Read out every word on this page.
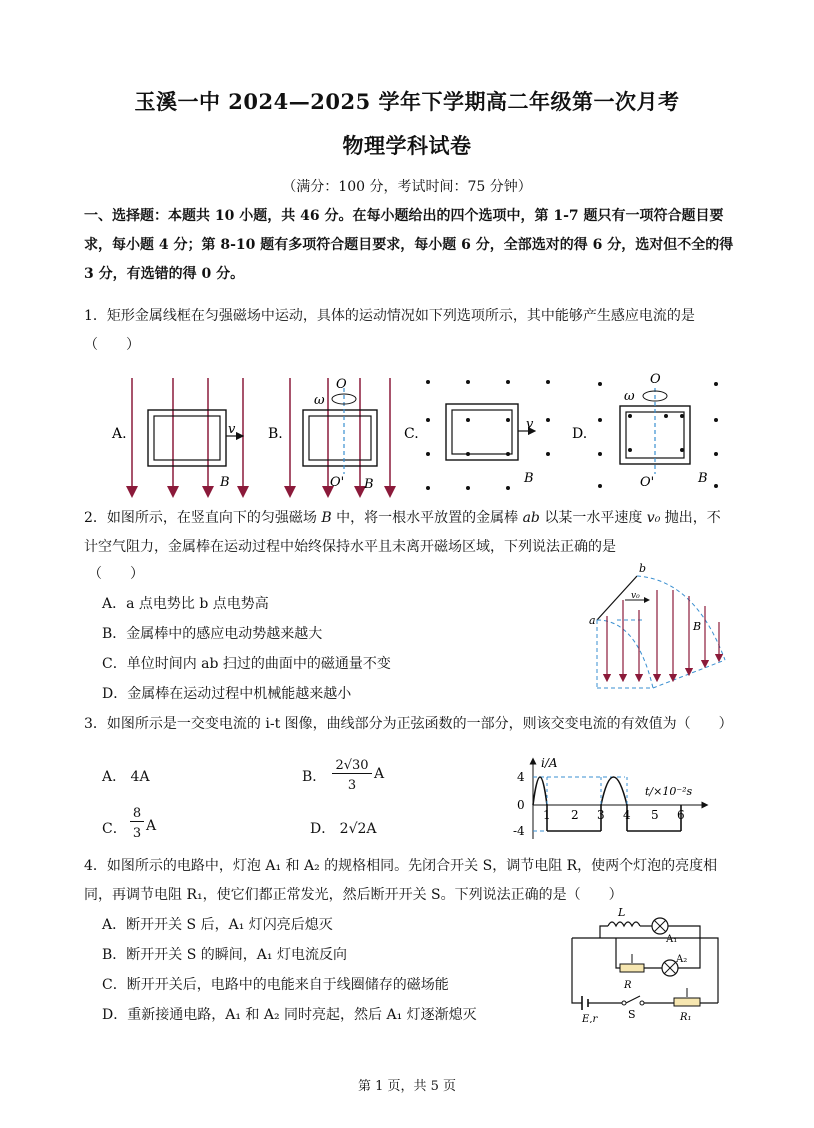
玉溪一中 2024—2025 学年下学期高二年级第一次月考
物理学科试卷
（满分：100 分，考试时间：75 分钟）
一、选择题：本题共 10 小题，共 46 分。在每小题给出的四个选项中，第 1-7 题只有一项符合题目要求，每小题 4 分；第 8-10 题有多项符合题目要求，每小题 6 分，全部选对的得 6 分，选对但不全的得 3 分，有选错的得 0 分。
1．矩形金属线框在匀强磁场中运动，具体的运动情况如下列选项所示，其中能够产生感应电流的是（　　）
A.	v
B
B.
O
ω
O' B
C.
v
B
D.
O
ω
O'	B
2．如图所示，在竖直向下的匀强磁场 B 中，将一根水平放置的金属棒 ab 以某一水平速度 v₀ 抛出，不计空气阻力，金属棒在运动过程中始终保持水平且未离开磁场区域，下列说法正确的是
（　　）
A．a 点电势比 b 点电势高
B．金属棒中的感应电动势越来越大
C．单位时间内 ab 扫过的曲面中的磁通量不变
D．金属棒在运动过程中机械能越来越小
a
b
v₀
B
3．如图所示是一交变电流的 i-t 图像，曲线部分为正弦函数的一部分，则该交变电流的有效值为（　　）
A． 4A	B．
2√30
3
A
C．
8
3 A	D． 2√2A
i/A
t/×10⁻²s
4
0
-4
1 2 3 4 5 6
4．如图所示的电路中，灯泡 A₁ 和 A₂ 的规格相同。先闭合开关 S，调节电阻 R，使两个灯泡的亮度相同，再调节电阻 R₁，使它们都正常发光，然后断开开关 S。下列说法正确的是（　　）
A．断开开关 S 后，A₁ 灯闪亮后熄灭
B．断开开关 S 的瞬间，A₁ 灯电流反向
C．断开开关后，电路中的电能来自于线圈储存的磁场能
D．重新接通电路，A₁ 和 A₂ 同时亮起，然后 A₁ 灯逐渐熄灭	E,r	S	R₁
L
A₁
R
A₂
第 1 页，共 5 页
